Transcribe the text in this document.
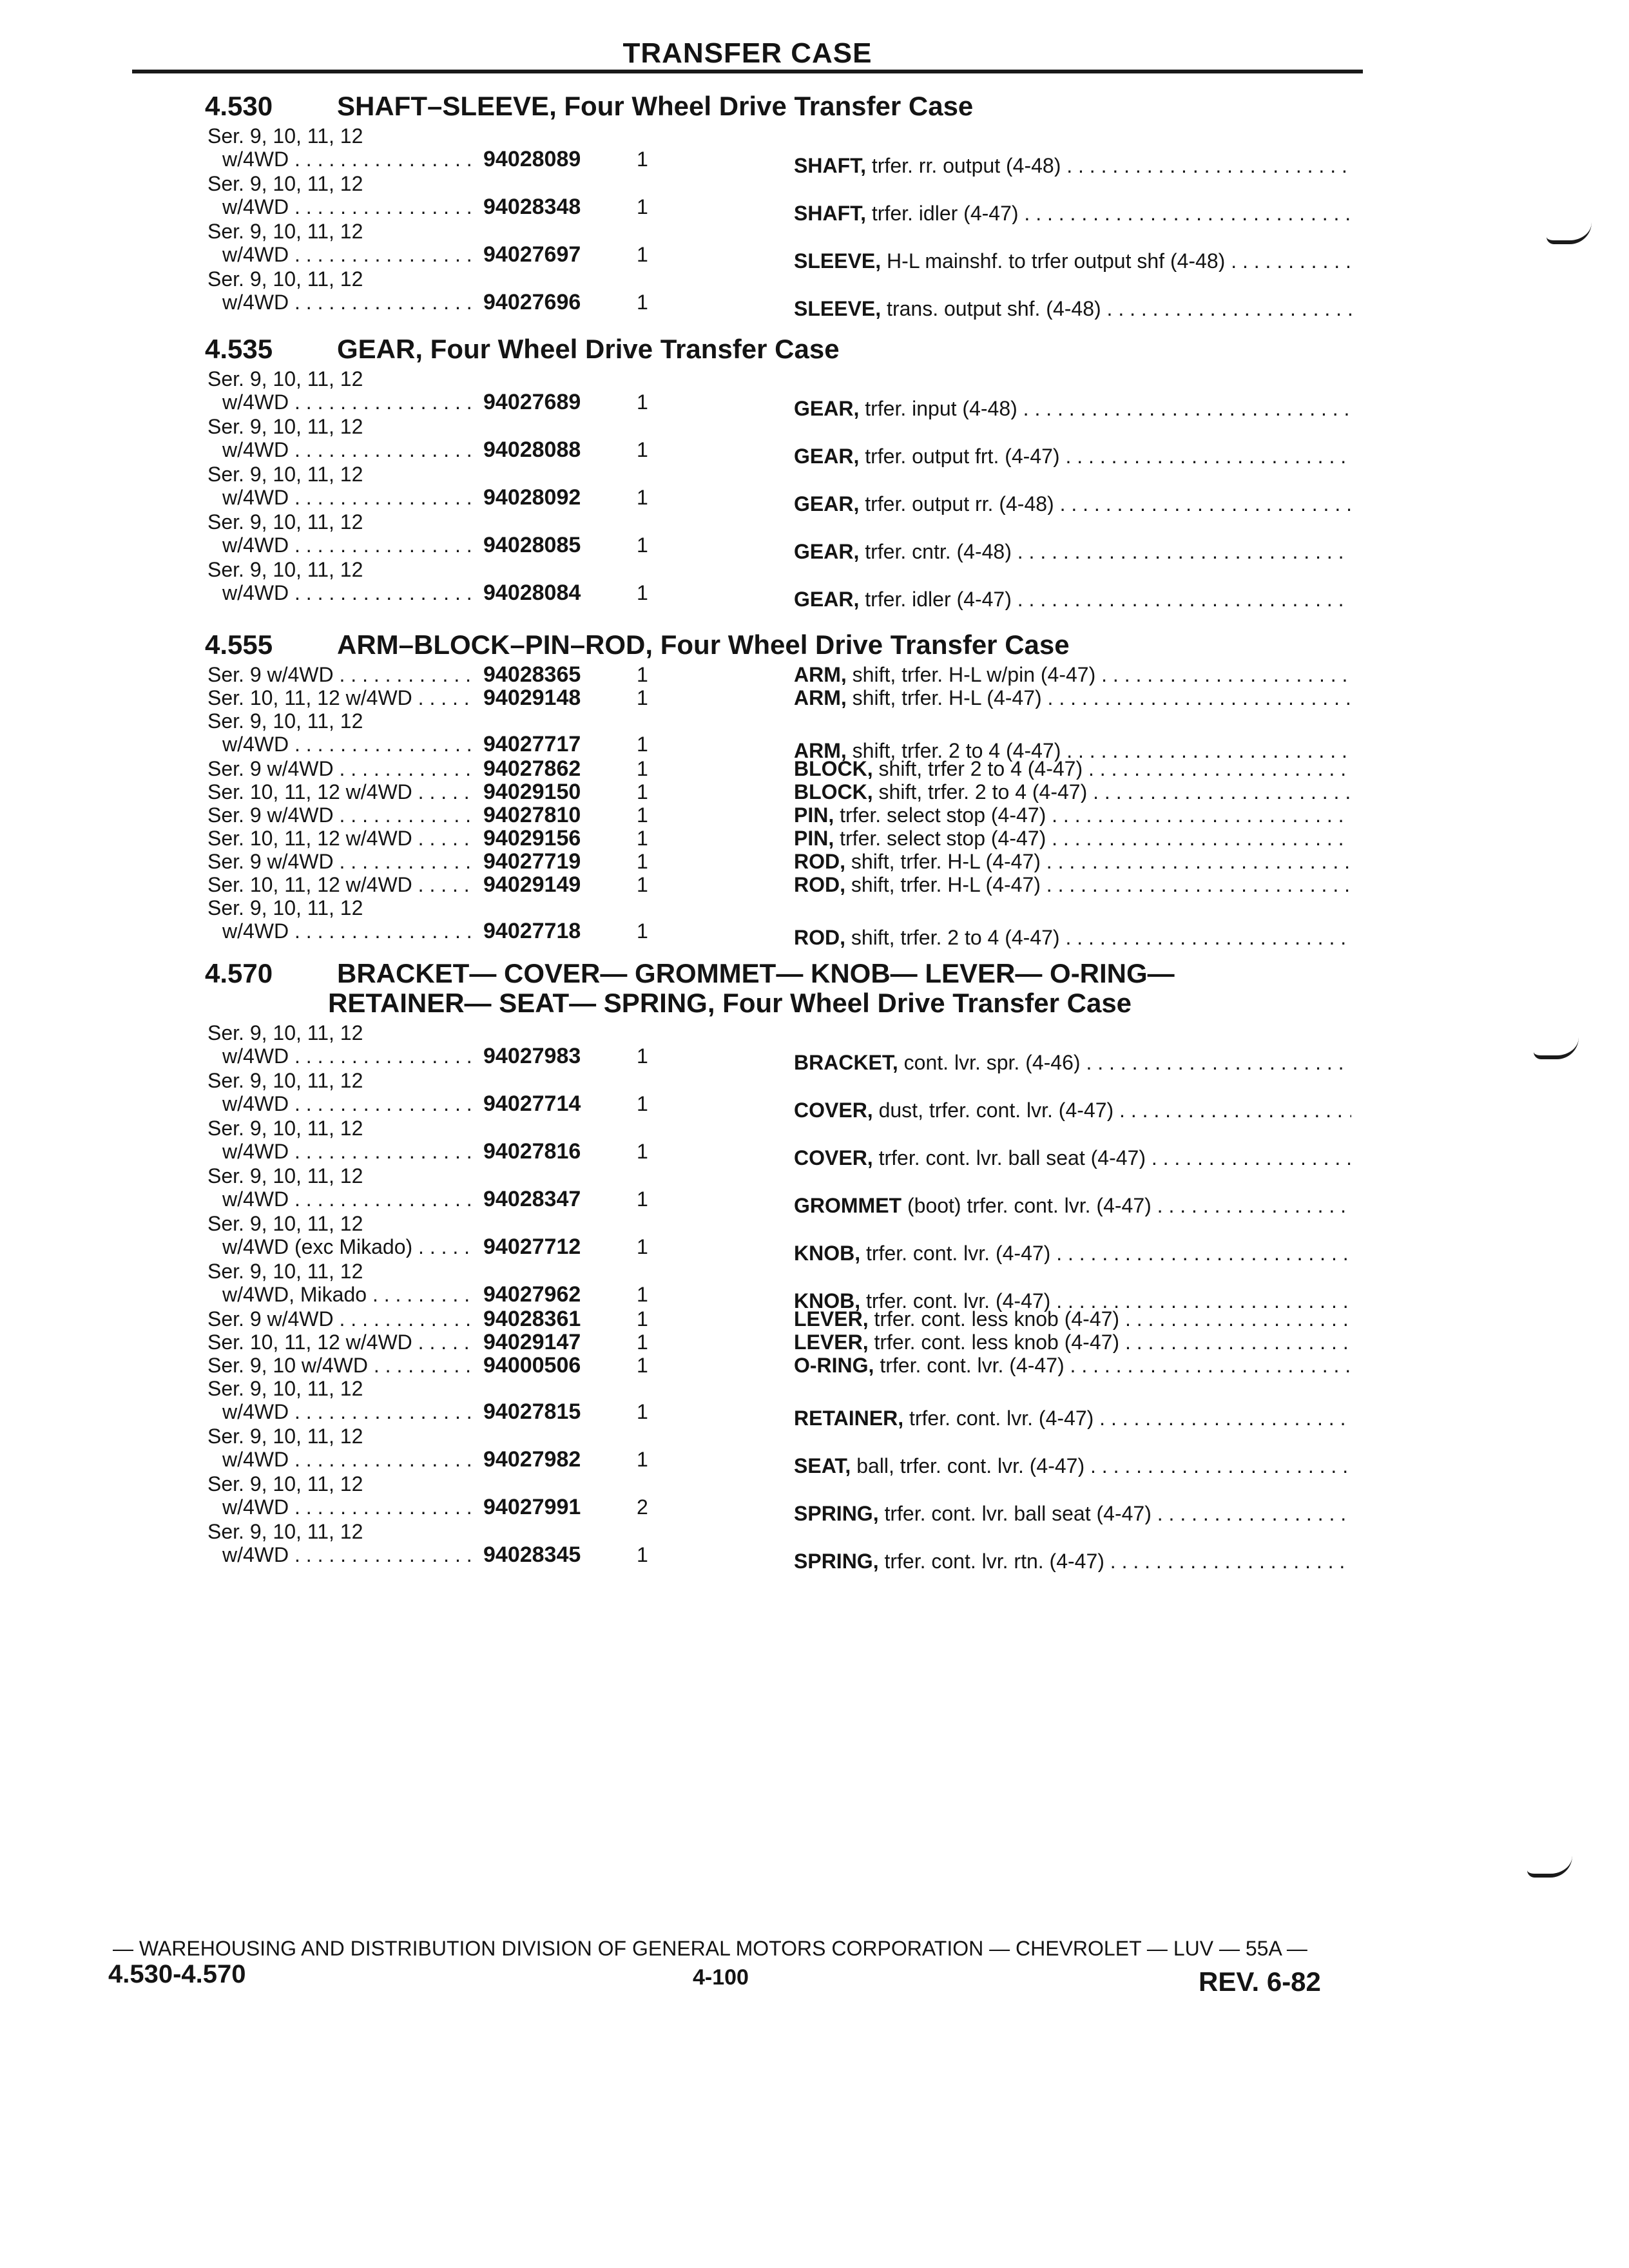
TRANSFER CASE
4.530 SHAFT–SLEEVE, Four Wheel Drive Transfer Case
Ser. 9, 10, 11, 12
w/4WD . . .	94028089	1	SHAFT, trfer. rr. output (4-48) . . .
Ser. 9, 10, 11, 12
w/4WD . . .	94028348	1	SHAFT, trfer. idler (4-47) . . .
Ser. 9, 10, 11, 12
w/4WD . . .	94027697	1	SLEEVE, H-L mainshf. to trfer output shf (4-48) . . .
Ser. 9, 10, 11, 12
w/4WD . . .	94027696	1	SLEEVE, trans. output shf. (4-48) . . .
4.535 GEAR, Four Wheel Drive Transfer Case
Ser. 9, 10, 11, 12
w/4WD . . .	94027689	1	GEAR, trfer. input (4-48) . . .
Ser. 9, 10, 11, 12
w/4WD . . .	94028088	1	GEAR, trfer. output frt. (4-47) . . .
Ser. 9, 10, 11, 12
w/4WD . . .	94028092	1	GEAR, trfer. output rr. (4-48) . . .
Ser. 9, 10, 11, 12
w/4WD . . .	94028085	1	GEAR, trfer. cntr. (4-48) . . .
Ser. 9, 10, 11, 12
w/4WD . . .	94028084	1	GEAR, trfer. idler (4-47) . . .
4.555 ARM–BLOCK–PIN–ROD, Four Wheel Drive Transfer Case
Ser. 9 w/4WD . . .	94028365	1	ARM, shift, trfer. H-L w/pin (4-47) . . .
Ser. 10, 11, 12 w/4WD . . .	94029148	1	ARM, shift, trfer. H-L (4-47) . . .
Ser. 9, 10, 11, 12
w/4WD . . .	94027717	1	ARM, shift, trfer. 2 to 4 (4-47) . . .
Ser. 9 w/4WD . . .	94027862	1	BLOCK, shift, trfer 2 to 4 (4-47) . . .
Ser. 10, 11, 12 w/4WD . . .	94029150	1	BLOCK, shift, trfer. 2 to 4 (4-47) . . .
Ser. 9 w/4WD . . .	94027810	1	PIN, trfer. select stop (4-47) . . .
Ser. 10, 11, 12 w/4WD . . .	94029156	1	PIN, trfer. select stop (4-47) . . .
Ser. 9 w/4WD . . .	94027719	1	ROD, shift, trfer. H-L (4-47) . . .
Ser. 10, 11, 12 w/4WD . . .	94029149	1	ROD, shift, trfer. H-L (4-47) . . .
Ser. 9, 10, 11, 12
w/4WD . . .	94027718	1	ROD, shift, trfer. 2 to 4 (4-47) . . .
4.570 BRACKET— COVER— GROMMET— KNOB— LEVER— O-RING—
RETAINER— SEAT— SPRING, Four Wheel Drive Transfer Case
Ser. 9, 10, 11, 12
w/4WD . . .	94027983	1	BRACKET, cont. lvr. spr. (4-46) . . .
Ser. 9, 10, 11, 12
w/4WD . . .	94027714	1	COVER, dust, trfer. cont. lvr. (4-47) . . .
Ser. 9, 10, 11, 12
w/4WD . . .	94027816	1	COVER, trfer. cont. lvr. ball seat (4-47) . . .
Ser. 9, 10, 11, 12
w/4WD . . .	94028347	1	GROMMET (boot) trfer. cont. lvr. (4-47) . . .
Ser. 9, 10, 11, 12
w/4WD (exc Mikado) . . .	94027712	1	KNOB, trfer. cont. lvr. (4-47) . . .
Ser. 9, 10, 11, 12
w/4WD, Mikado . . .	94027962	1	KNOB, trfer. cont. lvr. (4-47) . . .
Ser. 9 w/4WD . . .	94028361	1	LEVER, trfer. cont. less knob (4-47) . . .
Ser. 10, 11, 12 w/4WD . . .	94029147	1	LEVER, trfer. cont. less knob (4-47) . . .
Ser. 9, 10 w/4WD . . .	94000506	1	O-RING, trfer. cont. lvr. (4-47) . . .
Ser. 9, 10, 11, 12
w/4WD . . .	94027815	1	RETAINER, trfer. cont. lvr. (4-47) . . .
Ser. 9, 10, 11, 12
w/4WD . . .	94027982	1	SEAT, ball, trfer. cont. lvr. (4-47) . . .
Ser. 9, 10, 11, 12
w/4WD . . .	94027991	2	SPRING, trfer. cont. lvr. ball seat (4-47) . . .
Ser. 9, 10, 11, 12
w/4WD . . .	94028345	1	SPRING, trfer. cont. lvr. rtn. (4-47) . . .
— WAREHOUSING AND DISTRIBUTION DIVISION OF GENERAL MOTORS CORPORATION — CHEVROLET — LUV — 55A —
4.530-4.570	4-100	REV. 6-82
